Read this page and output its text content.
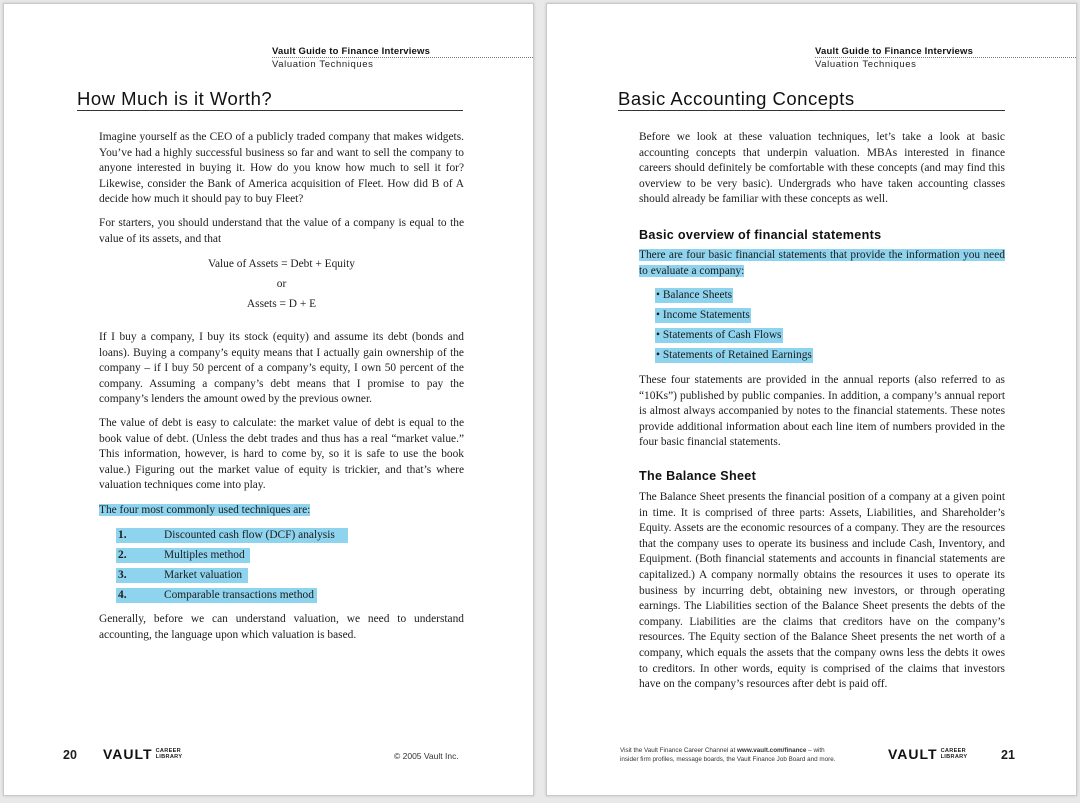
Vault Guide to Finance Interviews
Valuation Techniques
How Much is it Worth?
Imagine yourself as the CEO of a publicly traded company that makes widgets. You’ve had a highly successful business so far and want to sell the company to anyone interested in buying it. How do you know how much to sell it for? Likewise, consider the Bank of America acquisition of Fleet. How did B of A decide how much it should pay to buy Fleet?
For starters, you should understand that the value of a company is equal to the value of its assets, and that
Value of Assets = Debt + Equity
or
Assets = D + E
If I buy a company, I buy its stock (equity) and assume its debt (bonds and loans). Buying a company’s equity means that I actually gain ownership of the company – if I buy 50 percent of a company’s equity, I own 50 percent of the company. Assuming a company’s debt means that I promise to pay the company’s lenders the amount owed by the previous owner.
The value of debt is easy to calculate: the market value of debt is equal to the book value of debt. (Unless the debt trades and thus has a real “market value.” This information, however, is hard to come by, so it is safe to use the book value.) Figuring out the market value of equity is trickier, and that’s where valuation techniques come into play.
The four most commonly used techniques are:
1.	Discounted cash flow (DCF) analysis
2.	Multiples method
3.	Market valuation
4.	Comparable transactions method
Generally, before we can understand valuation, we need to understand accounting, the language upon which valuation is based.
20 VAULT CAREER
LIBRARY	© 2005 Vault Inc.
Vault Guide to Finance Interviews
Valuation Techniques
Basic Accounting Concepts
Before we look at these valuation techniques, let’s take a look at basic accounting concepts that underpin valuation. MBAs interested in finance careers should definitely be comfortable with these concepts (and may find this overview to be very basic). Undergrads who have taken accounting classes should already be familiar with these concepts as well.
Basic overview of financial statements
There are four basic financial statements that provide the information you need to evaluate a company:
• Balance Sheets
• Income Statements
• Statements of Cash Flows
• Statements of Retained Earnings
These four statements are provided in the annual reports (also referred to as “10Ks”) published by public companies. In addition, a company’s annual report is almost always accompanied by notes to the financial statements. These notes provide additional information about each line item of numbers provided in the four basic financial statements.
The Balance Sheet
The Balance Sheet presents the financial position of a company at a given point in time. It is comprised of three parts: Assets, Liabilities, and Shareholder’s Equity. Assets are the economic resources of a company. They are the resources that the company uses to operate its business and include Cash, Inventory, and Equipment. (Both financial statements and accounts in financial statements are capitalized.) A company normally obtains the resources it uses to operate its business by incurring debt, obtaining new investors, or through operating earnings. The Liabilities section of the Balance Sheet presents the debts of the company. Liabilities are the claims that creditors have on the company’s resources. The Equity section of the Balance Sheet presents the net worth of a company, which equals the assets that the company owns less the debts it owes to creditors. In other words, equity is comprised of the claims that investors have on the company’s resources after debt is paid off.
Visit the Vault Finance Career Channel at www.vault.com/finance – with
insider firm profiles, message boards, the Vault Finance Job Board and more.	VAULT CAREER
LIBRARY	21
